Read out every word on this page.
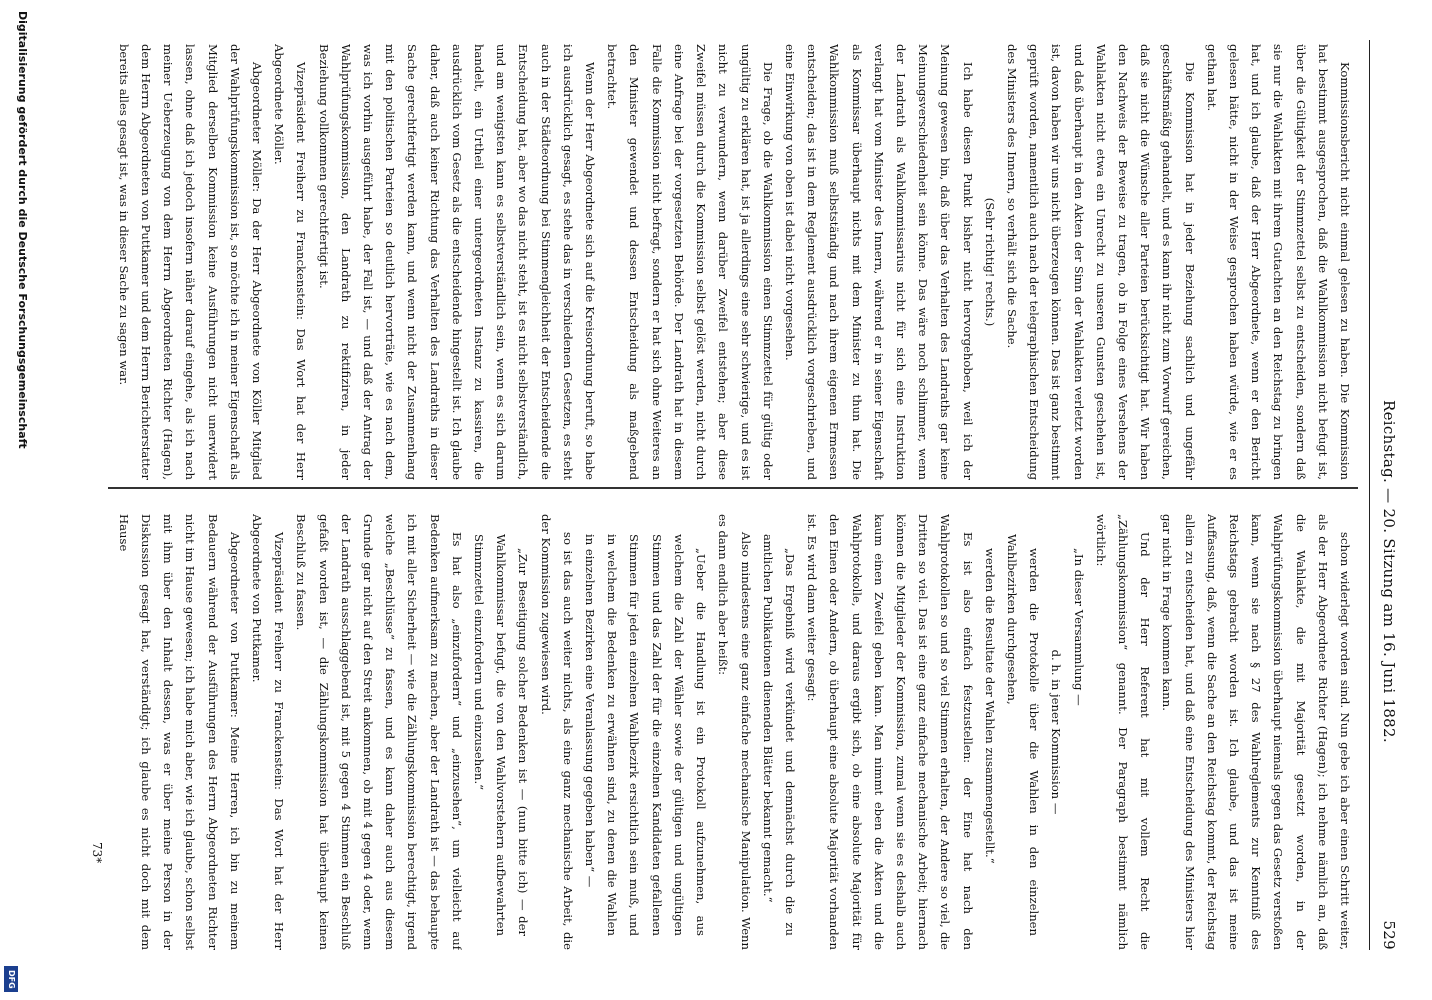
Reichstag. — 20. Sitzung am 16. Juni 1882.
529

Kommissionsbericht nicht einmal gelesen zu haben. Die Kommission hat bestimmt ausgesprochen, daß die Wahlkommission nicht befugt ist, über die Gültigkeit der Stimmzettel selbst zu entscheiden, sondern daß sie nur die Wahlakten mit ihrem Gutachten an den Reichstag zu bringen hat, und ich glaube, daß der Herr Abgeordnete, wenn er den Bericht gelesen hätte, nicht in der Weise gesprochen haben würde, wie er es gethan hat.

Die Kommission hat in jeder Beziehung sachlich und ungefähr geschäftsmäßig gehandelt, und es kann ihr nicht zum Vorwurf gereichen, daß sie nicht die Wünsche aller Parteien berücksichtigt hat. Wir haben den Nachweis der Beweise zu tragen, ob in Folge eines Versehens der Wahlakten nicht etwa ein Unrecht zu unseren Gunsten geschehen ist, und daß überhaupt in den Akten der Sinn der Wahlakten verletzt worden ist, davon haben wir uns nicht überzeugen können. Das ist ganz bestimmt geprüft worden, namentlich auch nach der telegraphischen Entscheidung des Ministers des Innern, so verhält sich die Sache.

(Sehr richtig! rechts.)

Ich habe diesen Punkt bisher nicht hervorgehoben, weil ich der Meinung gewesen bin, daß über das Verhalten des Landraths gar keine Meinungsverschiedenheit sein könne. Das wäre noch schlimmer, wenn der Landrath als Wahlkommissarius nicht für sich eine Instruktion verlangt hat vom Minister des Innern, während er in seiner Eigenschaft als Kommissar überhaupt nichts mit dem Minister zu thun hat. Die Wahlkommission muß selbstständig und nach ihrem eigenen Ermessen entscheiden; das ist in dem Reglement ausdrücklich vorgeschrieben, und eine Einwirkung von oben ist dabei nicht vorgesehen.

Die Frage, ob die Wahlkommission einen Stimmzettel für gültig oder ungültig zu erklären hat, ist ja allerdings eine sehr schwierige, und es ist nicht zu verwundern, wenn darüber Zweifel entstehen; aber diese Zweifel müssen durch die Kommission selbst gelöst werden, nicht durch eine Anfrage bei der vorgesetzten Behörde. Der Landrath hat in diesem Falle die Kommission nicht befragt, sondern er hat sich ohne Weiteres an den Minister gewendet und dessen Entscheidung als maßgebend betrachtet.

Wenn der Herr Abgeordnete sich auf die Kreisordnung beruft, so habe ich ausdrücklich gesagt, es stehe das in verschiedenen Gesetzen, es steht auch in der Städteordnung bei Stimmengleichheit der Entscheidende die Entscheidung hat, aber wo das nicht steht, ist es nicht selbstverständlich, und am wenigsten kann es selbstverständlich sein, wenn es sich darum handelt, ein Urtheil einer untergeordneten Instanz zu kassiren, die ausdrücklich vom Gesetz als die entscheidende hingestellt ist. Ich glaube daher, daß auch keiner Richtung das Verhalten des Landraths in dieser Sache gerechtfertigt werden kann, und wenn nicht der Zusammenhang mit den politischen Parteien so deutlich hervorträte, wie es nach dem, was ich vorhin ausgeführt habe, der Fall ist, — und daß der Antrag der Wahlprüfungskommission, den Landrath zu rektifiziren, in jeder Beziehung vollkommen gerechtfertigt ist.

Vizepräsident Freiherr zu Franckenstein: Das Wort hat der Herr Abgeordnete Möller.

Abgeordneter Möller: Da der Herr Abgeordnete von Köller Mitglied der Wahlprüfungskommission ist, so möchte ich in meiner Eigenschaft als Mitglied derselben Kommission keine Ausführungen nicht unerwidert lassen, ohne daß ich jedoch insofern näher darauf eingehe, als ich nach meiner Ueberzeugung von dem Herrn Abgeordneten Richter (Hagen), dem Herrn Abgeordneten von Puttkamer und dem Herrn Berichterstatter bereits alles gesagt ist, was in dieser Sache zu sagen war.

schon widerlegt worden sind. Nun gebe ich aber einen Schritt weiter, als der Herr Abgeordnete Richter (Hagen); ich nehme nämlich an, daß die Wahlakte, die mit Majorität gesetzt worden, in der Wahlprüfungskommission überhaupt niemals gegen das Gesetz verstoßen kann, wenn sie nach § 27 des Wahlreglements zur Kenntniß des Reichstags gebracht worden ist. Ich glaube, und das ist meine Auffassung, daß, wenn die Sache an den Reichstag kommt, der Reichstag allein zu entscheiden hat, und daß eine Entscheidung des Ministers hier gar nicht in Frage kommen kann.

Und der Herr Referent hat mit vollem Recht die „Zählungskommission“ genannt. Der Paragraph bestimmt nämlich wörtlich:

„In dieser Versammlung —

d. h. in jener Kommission —

werden die Protokolle über die Wahlen in den einzelnen Wahlbezirken durchgesehen,

werden die Resultate der Wahlen zusammengestellt.“

Es ist also einfach festzustellen: der Eine hat nach den Wahlprotokollen so und so viel Stimmen erhalten, der Andere so viel, die Dritten so viel. Das ist eine ganz einfache mechanische Arbeit; hiernach können die Mitglieder der Kommission, zumal wenn sie es deshalb auch kaum einen Zweifel geben kann. Man nimmt eben die Akten und die Wahlprotokolle, und daraus ergibt sich, ob eine absolute Majorität für den Einen oder Andern, ob überhaupt eine absolute Majorität vorhanden ist. Es wird dann weiter gesagt:

„Das Ergebniß wird verkündet und demnächst durch die zu amtlichen Publikationen dienenden Blätter bekannt gemacht.“

Also mindestens eine ganz einfache mechanische Manipulation. Wenn es dann endlich aber heißt:

„Ueber die Handlung ist ein Protokoll aufzunehmen, aus welchem die Zahl der Wähler sowie der gültigen und ungültigen Stimmen und das Zahl der für die einzelnen Kandidaten gefallenen Stimmen für jeden einzelnen Wahlbezirk ersichtlich sein muß, und in welchem die Bedenken zu erwähnen sind, zu denen die Wahlen in einzelnen Bezirken eine Veranlassung gegeben haben“ —

so ist das auch weiter nichts, als eine ganz mechanische Arbeit, die der Kommission zugewiesen wird.

„Zur Beseitigung solcher Bedenken ist — (nun bitte ich) — der Wahlkommissar befugt, die von den Wahlvorstehern aufbewahrten Stimmzettel einzufordern und einzusehen.“

Es hat also „einzufordern“ und „einzusehen“, um vielleicht auf Bedenken aufmerksam zu machen, aber der Landrath ist — das behaupte ich mit aller Sicherheit — wie die Zählungskommission berechtigt, irgend welche „Beschlüsse“ zu fassen, und es kann daher auch aus diesem Grunde gar nicht auf den Streit ankommen, ob mit 4 gegen 4 oder, wenn der Landrath ausschlaggebend ist, mit 5 gegen 4 Stimmen ein Beschluß gefaßt worden ist, — die Zählungskommission hat überhaupt keinen Beschluß zu fassen.

Vizepräsident Freiherr zu Franckenstein: Das Wort hat der Herr Abgeordnete von Puttkamer.

Abgeordneter von Puttkamer: Meine Herren, ich bin zu meinem Bedauern während der Ausführungen des Herrn Abgeordneten Richter nicht im Hause gewesen; ich habe mich aber, wie ich glaube, schon selbst mit ihm über den Inhalt dessen, was er über meine Person in der Diskussion gesagt hat, verständigt; ich glaube es nicht doch mit dem Hause

73*
Digitalisierung gefördert durch die Deutsche Forschungsgemeinschaft
DFG
